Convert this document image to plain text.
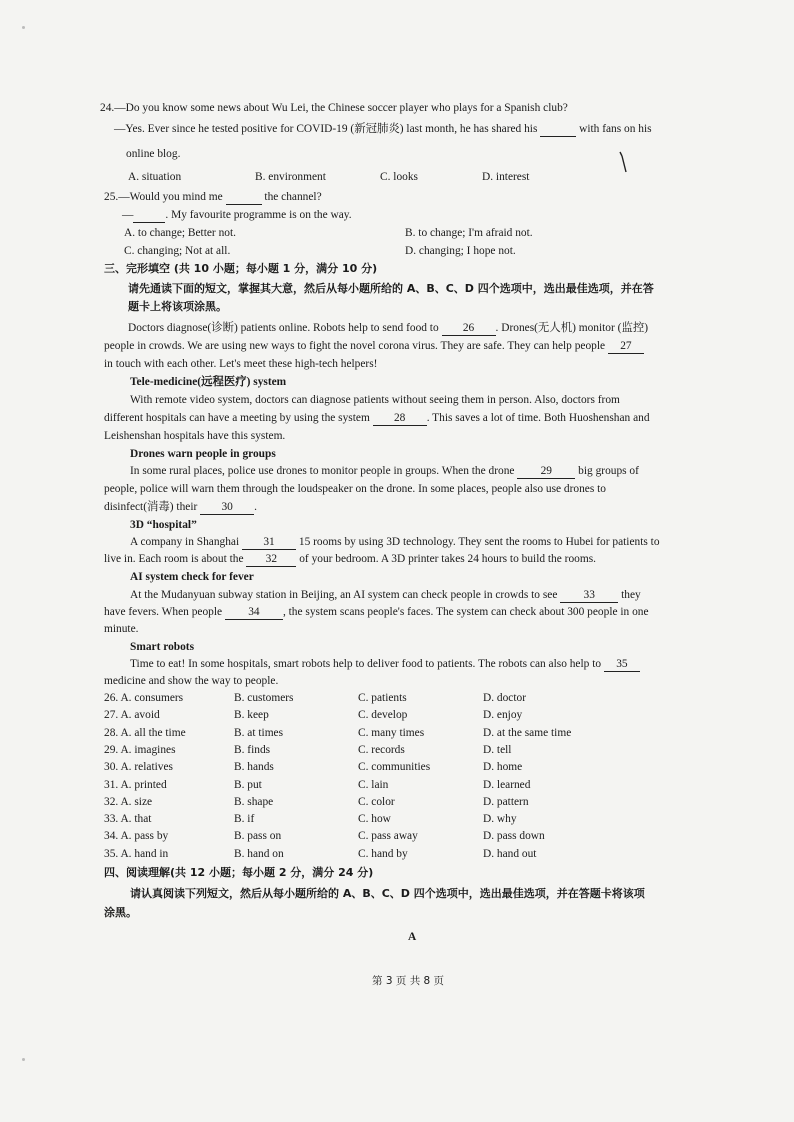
24.—Do you know some news about Wu Lei, the Chinese soccer player who plays for a Spanish club?
—Yes. Ever since he tested positive for COVID-19 (新冠肺炎) last month, he has shared his	with fans on his
online blog.
A. situation	B. environment	C. looks	D. interest
25.—Would you mind me	the channel?
—	. My favourite programme is on the way.
A. to change; Better not.	B. to change; I'm afraid not.
C. changing; Not at all.	D. changing; I hope not.
三、完形填空 (共 10 小题；每小题 1 分，满分 10 分)
请先通读下面的短文，掌握其大意，然后从每小题所给的 A、B、C、D 四个选项中，选出最佳选项，并在答
题卡上将该项涂黑。
Doctors diagnose(诊断) patients online. Robots help to send food to 26 . Drones(无人机) monitor (监控)
people in crowds. We are using new ways to fight the novel corona virus. They are safe. They can help people 27
in touch with each other. Let's meet these high-tech helpers!
Tele-medicine(远程医疗) system
With remote video system, doctors can diagnose patients without seeing them in person. Also, doctors from
different hospitals can have a meeting by using the system 28 . This saves a lot of time. Both Huoshenshan and
Leishenshan hospitals have this system.
Drones warn people in groups
In some rural places, police use drones to monitor people in groups. When the drone 29 big groups of
people, police will warn them through the loudspeaker on the drone. In some places, people also use drones to
disinfect(消毒) their 30 .
3D “hospital”
A company in Shanghai 31 15 rooms by using 3D technology. They sent the rooms to Hubei for patients to
live in. Each room is about the 32 of your bedroom. A 3D printer takes 24 hours to build the rooms.
AI system check for fever
At the Mudanyuan subway station in Beijing, an AI system can check people in crowds to see 33 they
have fevers. When people 34 , the system scans people's faces. The system can check about 300 people in one
minute.
Smart robots
Time to eat! In some hospitals, smart robots help to deliver food to patients. The robots can also help to 35
medicine and show the way to people.
26. A. consumers	B. customers	C. patients	D. doctor
27. A. avoid	B. keep	C. develop	D. enjoy
28. A. all the time	B. at times	C. many times	D. at the same time
29. A. imagines	B. finds	C. records	D. tell
30. A. relatives	B. hands	C. communities	D. home
31. A. printed	B. put	C. lain	D. learned
32. A. size	B. shape	C. color	D. pattern
33. A. that	B. if	C. how	D. why
34. A. pass by	B. pass on	C. pass away	D. pass down
35. A. hand in	B. hand on	C. hand by	D. hand out
四、阅读理解(共 12 小题；每小题 2 分，满分 24 分)
请认真阅读下列短文，然后从每小题所给的 A、B、C、D 四个选项中，选出最佳选项，并在答题卡将该项
涂黑。
A
第 3 页 共 8 页
